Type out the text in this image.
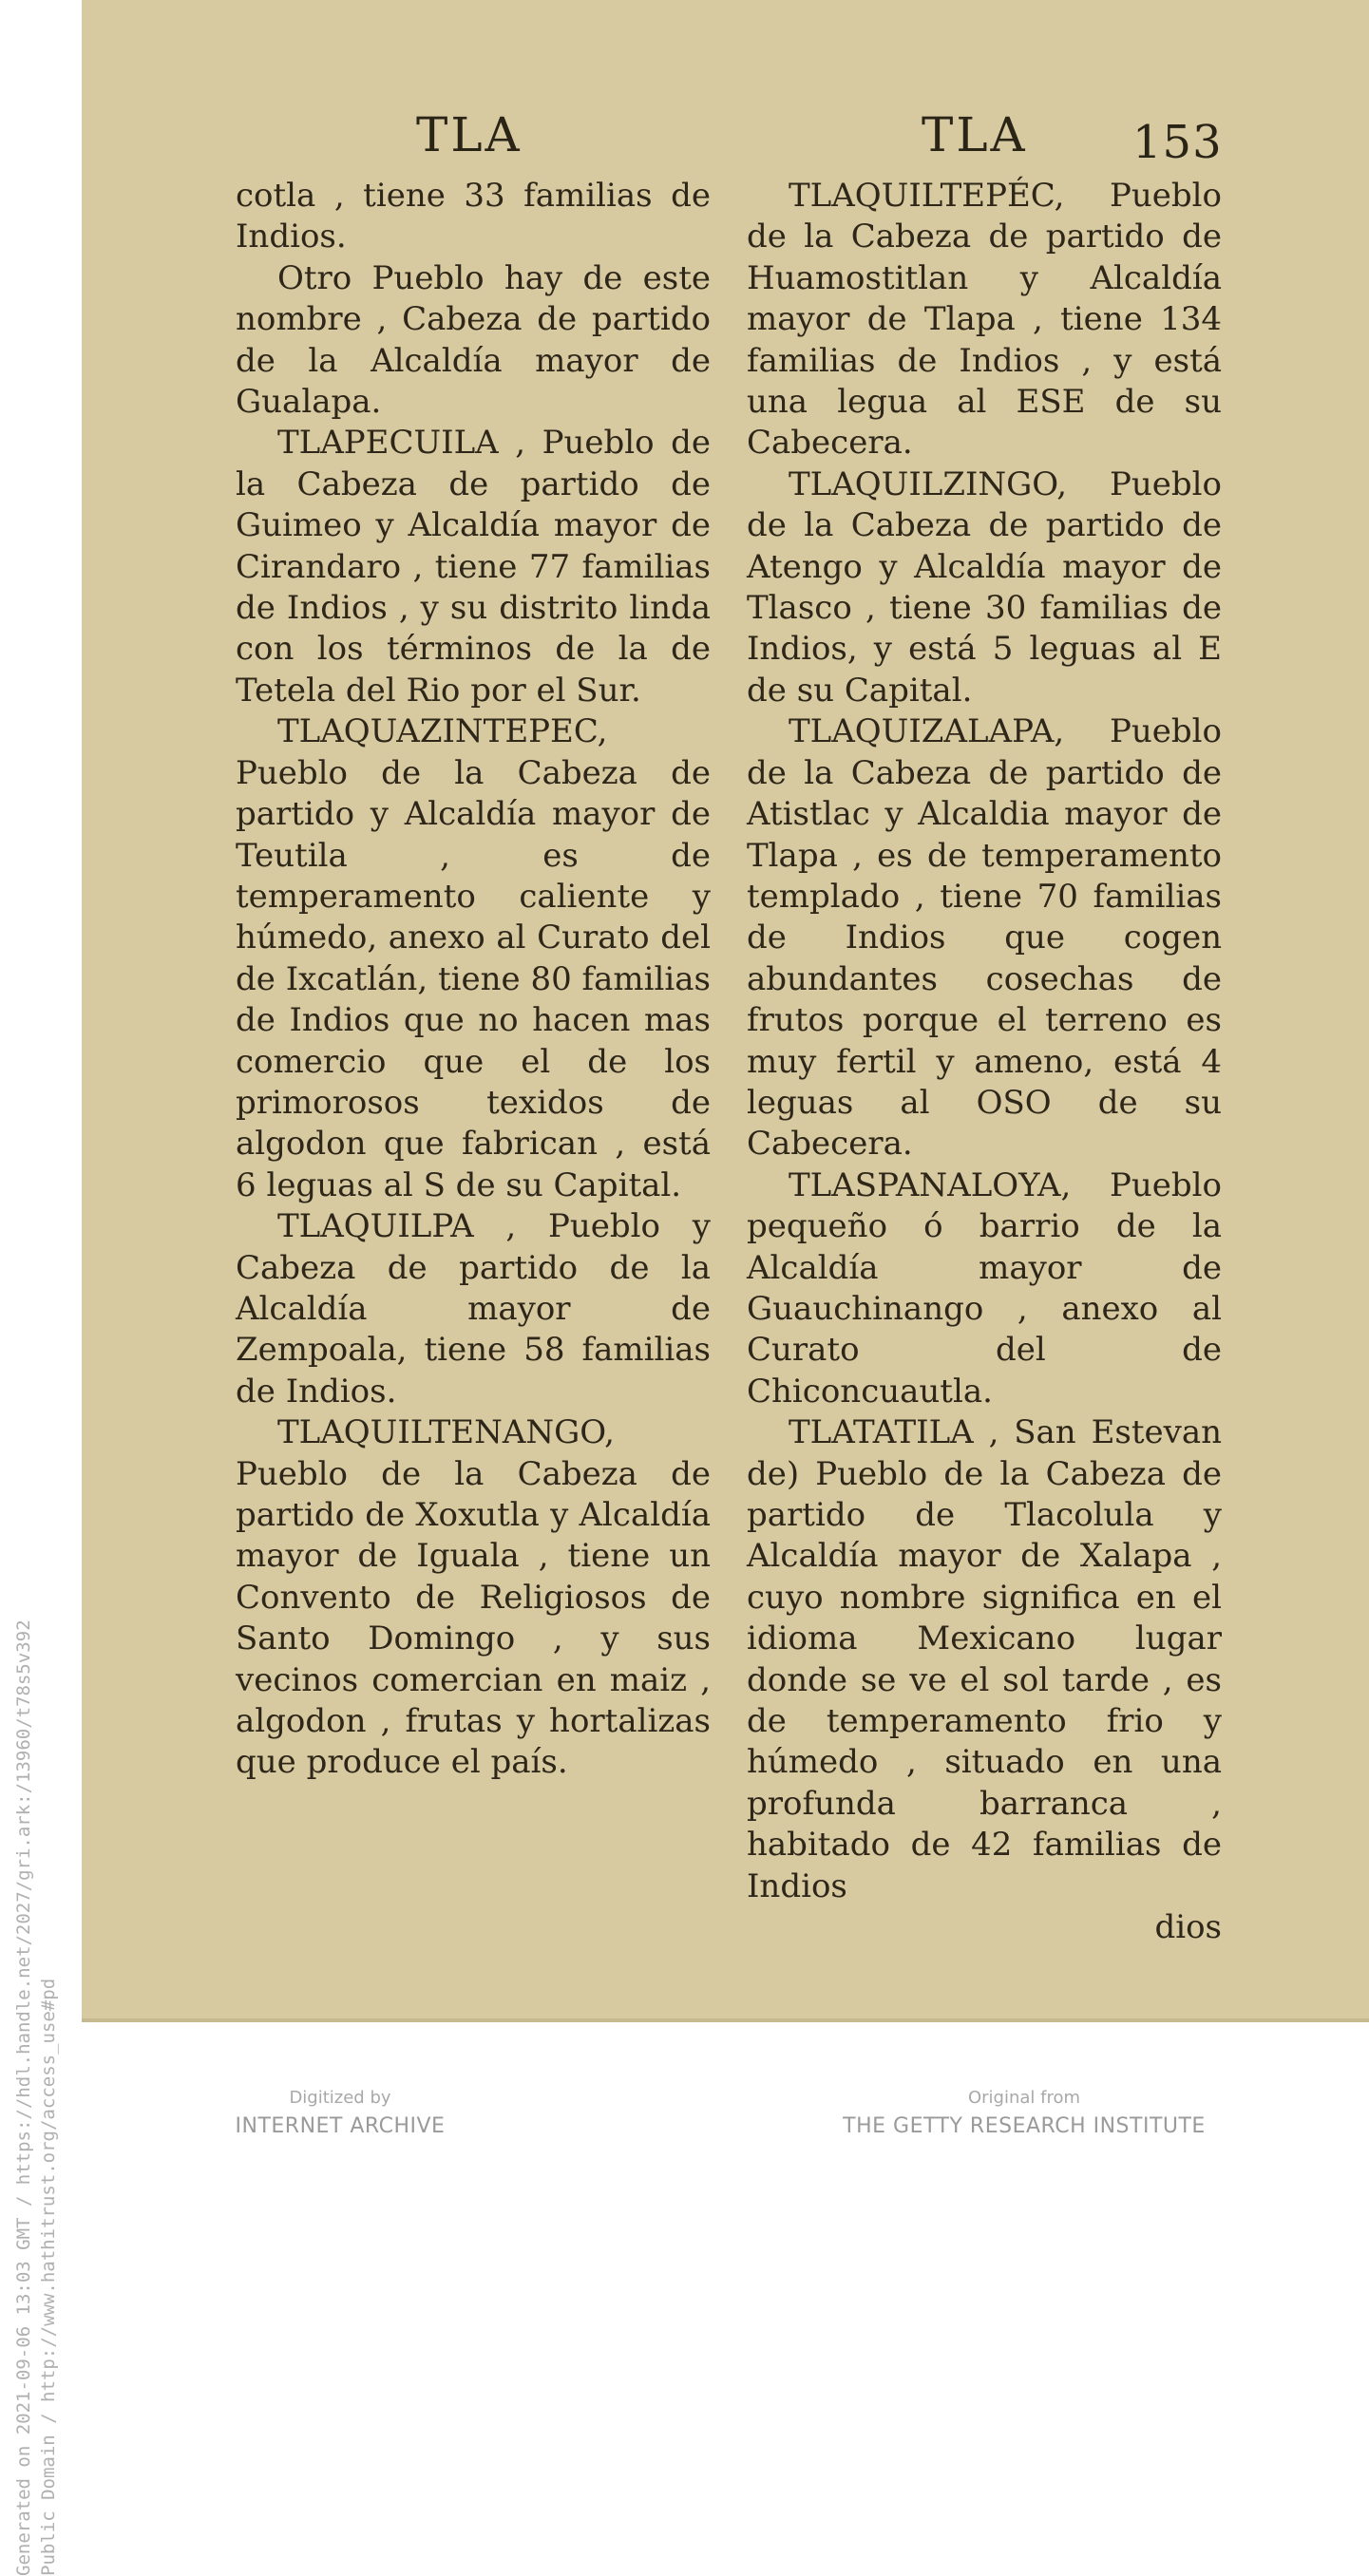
TLA	TLA 153

cotla , tiene 33 familias de Indios.

Otro Pueblo hay de este nombre , Cabeza de partido de la Alcaldía mayor de Gualapa.

TLAPECUILA , Pueblo de la Cabeza de partido de Guimeo y Alcaldía mayor de Cirandaro , tiene 77 familias de Indios , y su distrito linda con los términos de la de Tetela del Rio por el Sur.

TLAQUAZINTEPEC, Pueblo de la Cabeza de partido y Alcaldía mayor de Teutila , es de temperamento caliente y húmedo, anexo al Curato del de Ixcatlán, tiene 80 familias de Indios que no hacen mas comercio que el de los primorosos texidos de algodon que fabrican , está 6 leguas al S de su Capital.

TLAQUILPA , Pueblo y Cabeza de partido de la Alcaldía mayor de Zempoala, tiene 58 familias de Indios.

TLAQUILTENANGO, Pueblo de la Cabeza de partido de Xoxutla y Alcaldía mayor de Iguala , tiene un Convento de Religiosos de Santo Domingo , y sus vecinos comercian en maiz , algodon , frutas y hortalizas que produce el país.

TLAQUILTEPÉC, Pueblo de la Cabeza de partido de Huamostitlan y Alcaldía mayor de Tlapa , tiene 134 familias de Indios , y está una legua al ESE de su Cabecera.

TLAQUILZINGO, Pueblo de la Cabeza de partido de Atengo y Alcaldía mayor de Tlasco , tiene 30 familias de Indios, y está 5 leguas al E de su Capital.

TLAQUIZALAPA, Pueblo de la Cabeza de partido de Atistlac y Alcaldia mayor de Tlapa , es de temperamento templado , tiene 70 familias de Indios que cogen abundantes cosechas de frutos porque el terreno es muy fertil y ameno, está 4 leguas al OSO de su Cabecera.

TLASPANALOYA, Pueblo pequeño ó barrio de la Alcaldía mayor de Guauchinango , anexo al Curato del de Chiconcuautla.

TLATATILA , San Estevan de) Pueblo de la Cabeza de partido de Tlacolula y Alcaldía mayor de Xalapa , cuyo nombre significa en el idioma Mexicano lugar donde se ve el sol tarde , es de temperamento frio y húmedo , situado en una profunda barranca , habitado de 42 familias de Indios

dios

Generated on 2021-09-06 13:03 GMT / https://hdl.handle.net/2027/gri.ark:/13960/t78s5v392 Public Domain / http://www.hathitrust.org/access_use#pd	Digitized by
INTERNET ARCHIVE
Original from
THE GETTY RESEARCH INSTITUTE
